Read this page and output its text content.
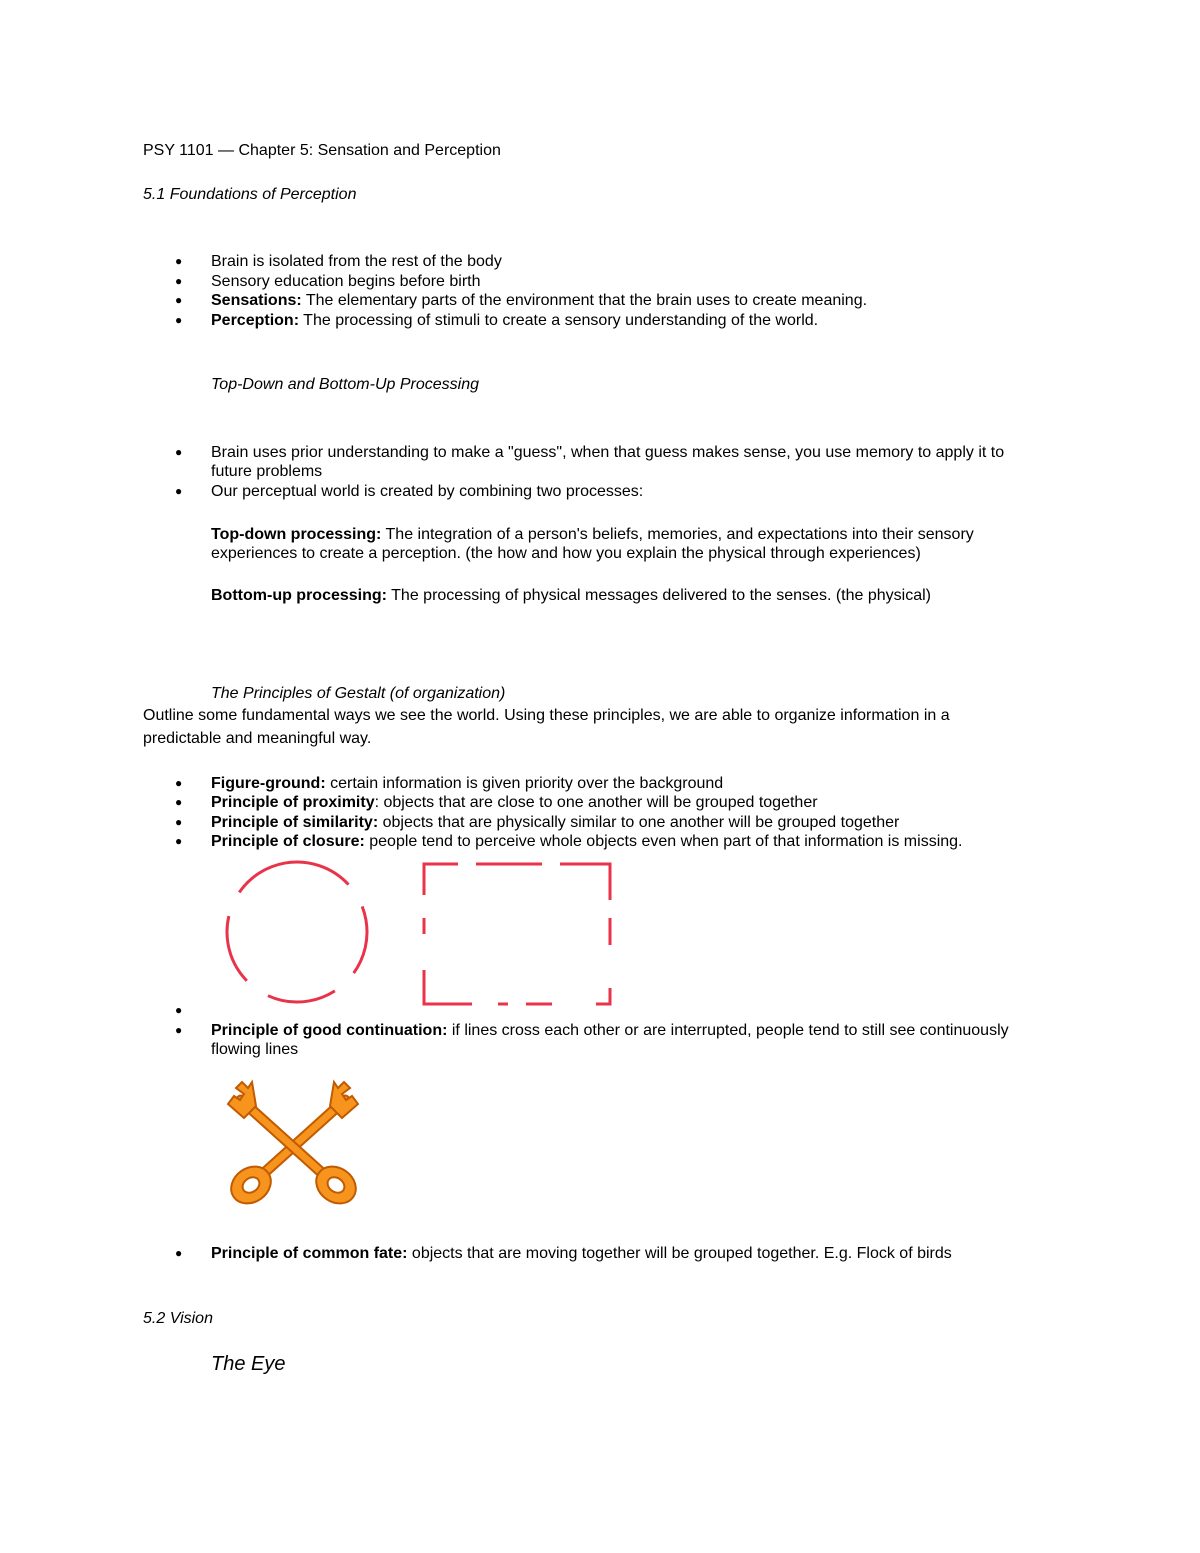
PSY 1101 — Chapter 5: Sensation and Perception
5.1 Foundations of Perception
● Brain is isolated from the rest of the body
● Sensory education begins before birth
● Sensations: The elementary parts of the environment that the brain uses to create meaning.
● Perception: The processing of stimuli to create a sensory understanding of the world.
Top-Down and Bottom-Up Processing
● Brain uses prior understanding to make a "guess", when that guess makes sense, you use memory to apply it to
future problems
● Our perceptual world is created by combining two processes:
Top-down processing: The integration of a person's beliefs, memories, and expectations into their sensory
experiences to create a perception. (the how and how you explain the physical through experiences)
Bottom-up processing: The processing of physical messages delivered to the senses. (the physical)
The Principles of Gestalt (of organization)
Outline some fundamental ways we see the world. Using these principles, we are able to organize information in a
predictable and meaningful way.
● Figure-ground: certain information is given priority over the background
● Principle of proximity: objects that are close to one another will be grouped together
● Principle of similarity: objects that are physically similar to one another will be grouped together
● Principle of closure: people tend to perceive whole objects even when part of that information is missing.
●
● Principle of good continuation: if lines cross each other or are interrupted, people tend to still see continuously
flowing lines
● Principle of common fate: objects that are moving together will be grouped together. E.g. Flock of birds
5.2 Vision
The Eye
